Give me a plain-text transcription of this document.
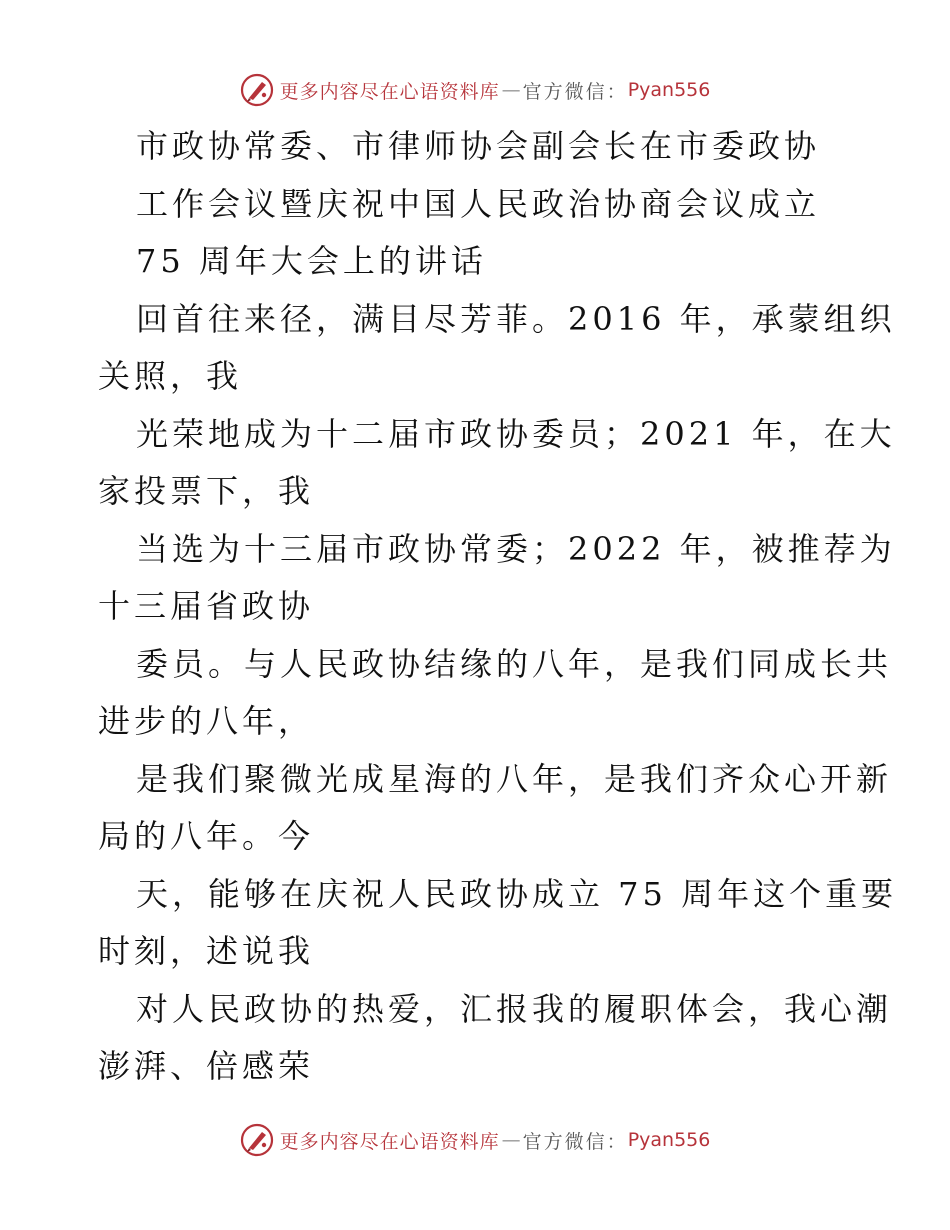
更多内容尽在心语资料库 — 官方微信： Pyan556
市政协常委、市律师协会副会长在市委政协
工作会议暨庆祝中国人民政治协商会议成立
75 周年大会上的讲话
回首往来径，满目尽芳菲。2016 年，承蒙组织
关照，我
光荣地成为十二届市政协委员；2021 年，在大
家投票下，我
当选为十三届市政协常委；2022 年，被推荐为
十三届省政协
委员。与人民政协结缘的八年，是我们同成长共
进步的八年，
是我们聚微光成星海的八年，是我们齐众心开新
局的八年。今
天，能够在庆祝人民政协成立 75 周年这个重要
时刻，述说我
对人民政协的热爱，汇报我的履职体会，我心潮
澎湃、倍感荣
更多内容尽在心语资料库 — 官方微信： Pyan556
